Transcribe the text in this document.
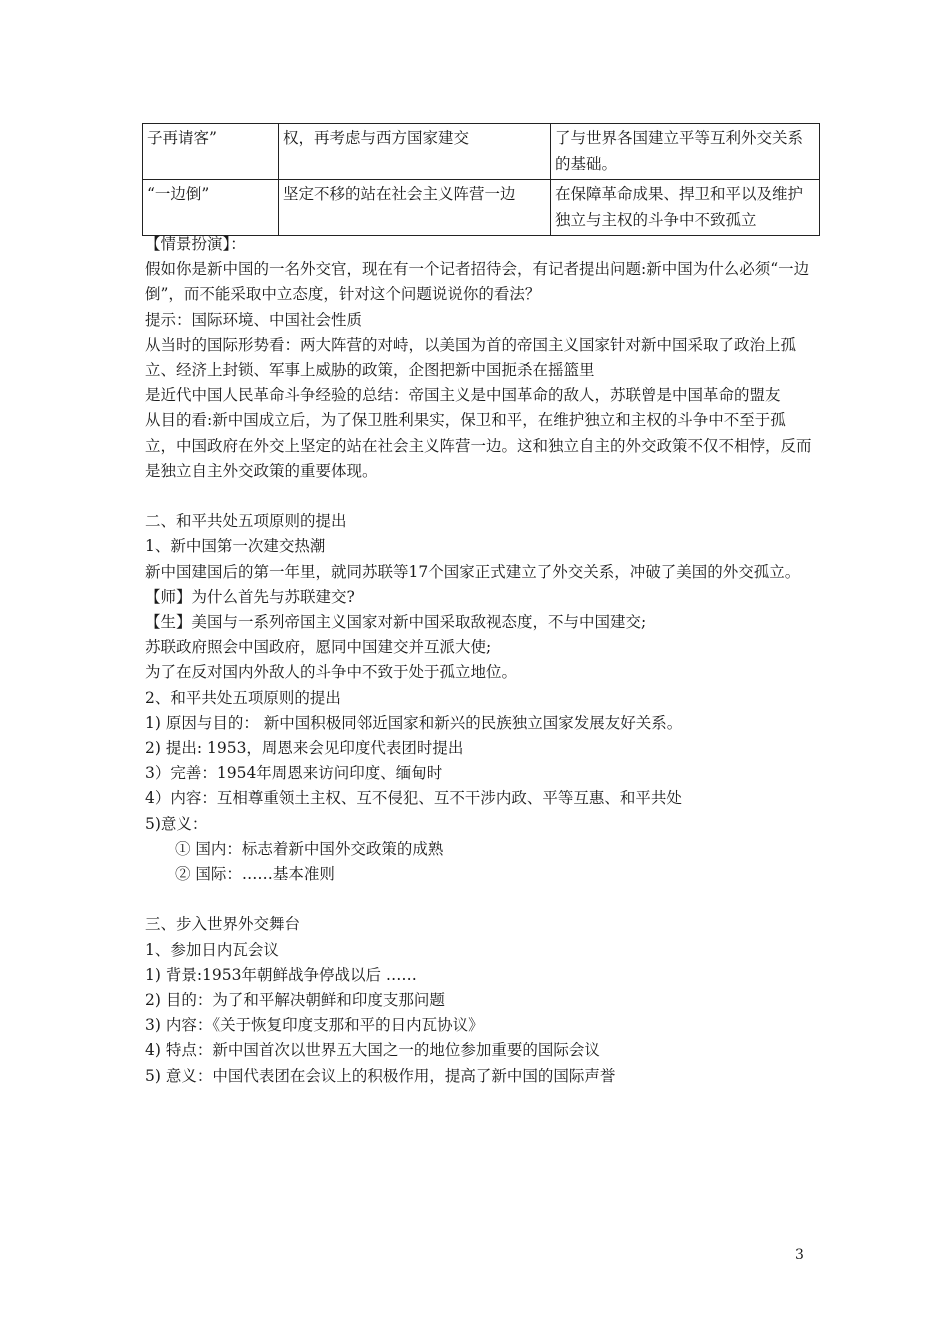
子再请客”	权，再考虑与西方国家建交	了与世界各国建立平等互利外交关系的基础。
“一边倒”	坚定不移的站在社会主义阵营一边	在保障革命成果、捍卫和平以及维护独立与主权的斗争中不致孤立

【情景扮演】：

假如你是新中国的一名外交官，现在有一个记者招待会，有记者提出问题:新中国为什么必须“一边倒”，而不能采取中立态度，针对这个问题说说你的看法？

提示：国际环境、中国社会性质

从当时的国际形势看：两大阵营的对峙，以美国为首的帝国主义国家针对新中国采取了政治上孤立、经济上封锁、军事上威胁的政策，企图把新中国扼杀在摇篮里

是近代中国人民革命斗争经验的总结：帝国主义是中国革命的敌人，苏联曾是中国革命的盟友

从目的看:新中国成立后，为了保卫胜利果实，保卫和平，在维护独立和主权的斗争中不至于孤立，中国政府在外交上坚定的站在社会主义阵营一边。这和独立自主的外交政策不仅不相悖，反而是独立自主外交政策的重要体现。

二、和平共处五项原则的提出

1、新中国第一次建交热潮

新中国建国后的第一年里，就同苏联等17个国家正式建立了外交关系，冲破了美国的外交孤立。

【师】为什么首先与苏联建交?

【生】美国与一系列帝国主义国家对新中国采取敌视态度，不与中国建交;

苏联政府照会中国政府，愿同中国建交并互派大使;

为了在反对国内外敌人的斗争中不致于处于孤立地位。

2、和平共处五项原则的提出

1) 原因与目的： 新中国积极同邻近国家和新兴的民族独立国家发展友好关系。

2) 提出: 1953，周恩来会见印度代表团时提出

3）完善：1954年周恩来访问印度、缅甸时

4）内容：互相尊重领土主权、互不侵犯、互不干涉内政、平等互惠、和平共处

5)意义：

① 国内：标志着新中国外交政策的成熟

② 国际：……基本准则

三、步入世界外交舞台

1、参加日内瓦会议

1) 背景:1953年朝鲜战争停战以后 ……

2) 目的：为了和平解决朝鲜和印度支那问题

3) 内容：《关于恢复印度支那和平的日内瓦协议》

4) 特点：新中国首次以世界五大国之一的地位参加重要的国际会议

5) 意义：中国代表团在会议上的积极作用，提高了新中国的国际声誉

3
